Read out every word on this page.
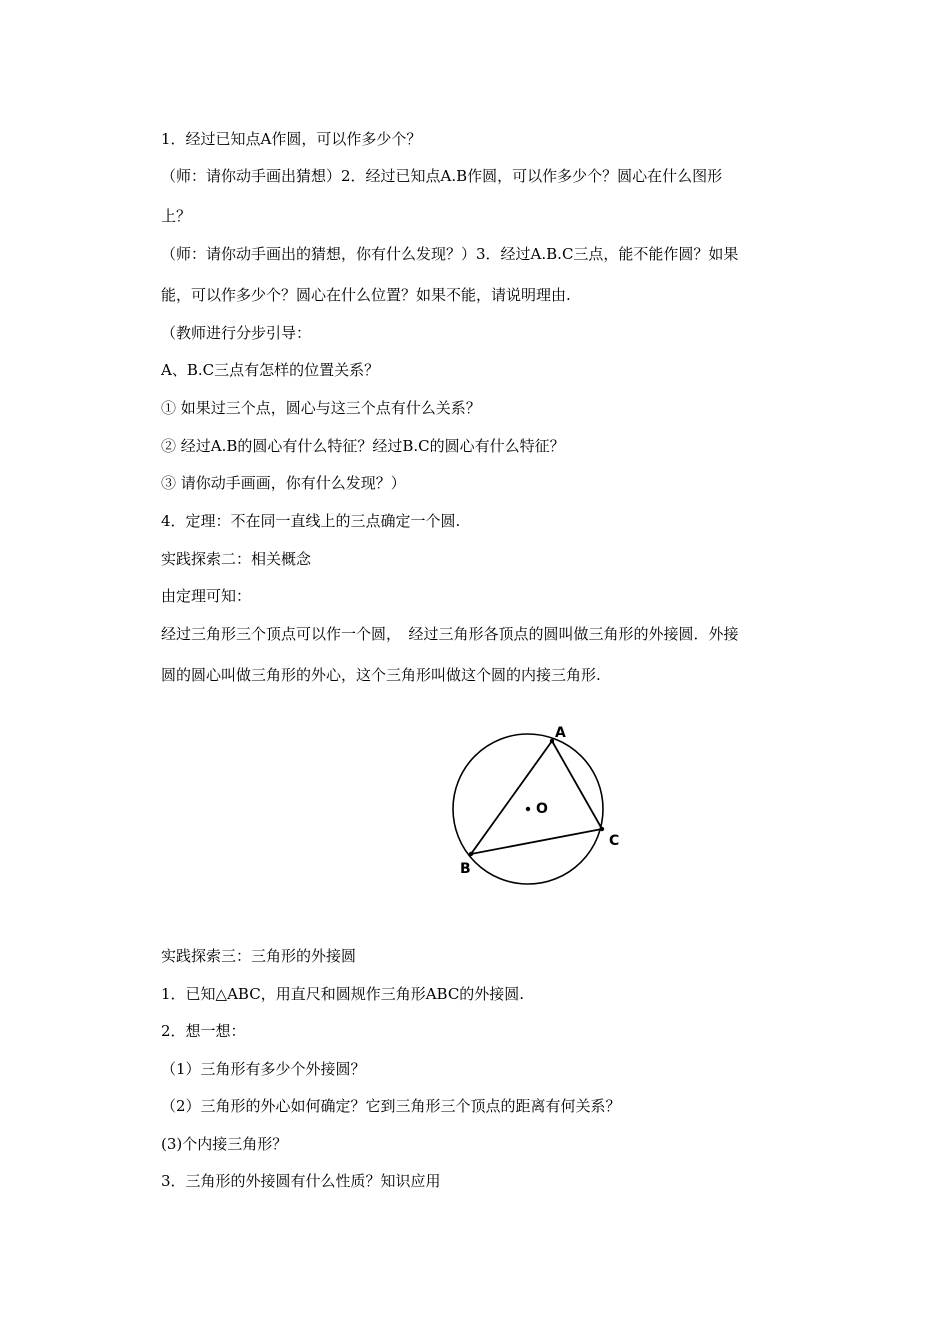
1．经过已知点A作圆，可以作多少个？
（师：请你动手画出猜想）2．经过已知点A.B作圆，可以作多少个？圆心在什么图形
上？
（师：请你动手画出的猜想，你有什么发现？）3．经过A.B.C三点，能不能作圆？如果
能，可以作多少个？圆心在什么位置？如果不能，请说明理由.
（教师进行分步引导：
A、B.C三点有怎样的位置关系？
① 如果过三个点，圆心与这三个点有什么关系？
② 经过A.B的圆心有什么特征？经过B.C的圆心有什么特征？
③ 请你动手画画，你有什么发现？）
4．定理：不在同一直线上的三点确定一个圆.
实践探索二：相关概念
由定理可知：
经过三角形三个顶点可以作一个圆，　经过三角形各顶点的圆叫做三角形的外接圆．外接
圆的圆心叫做三角形的外心，这个三角形叫做这个圆的内接三角形.
A
C
B
O
实践探索三：三角形的外接圆
1．已知△ABC，用直尺和圆规作三角形ABC的外接圆.
2．想一想：
（1）三角形有多少个外接圆？
（2）三角形的外心如何确定？它到三角形三个顶点的距离有何关系？
(3)个内接三角形？
3．三角形的外接圆有什么性质？知识应用
